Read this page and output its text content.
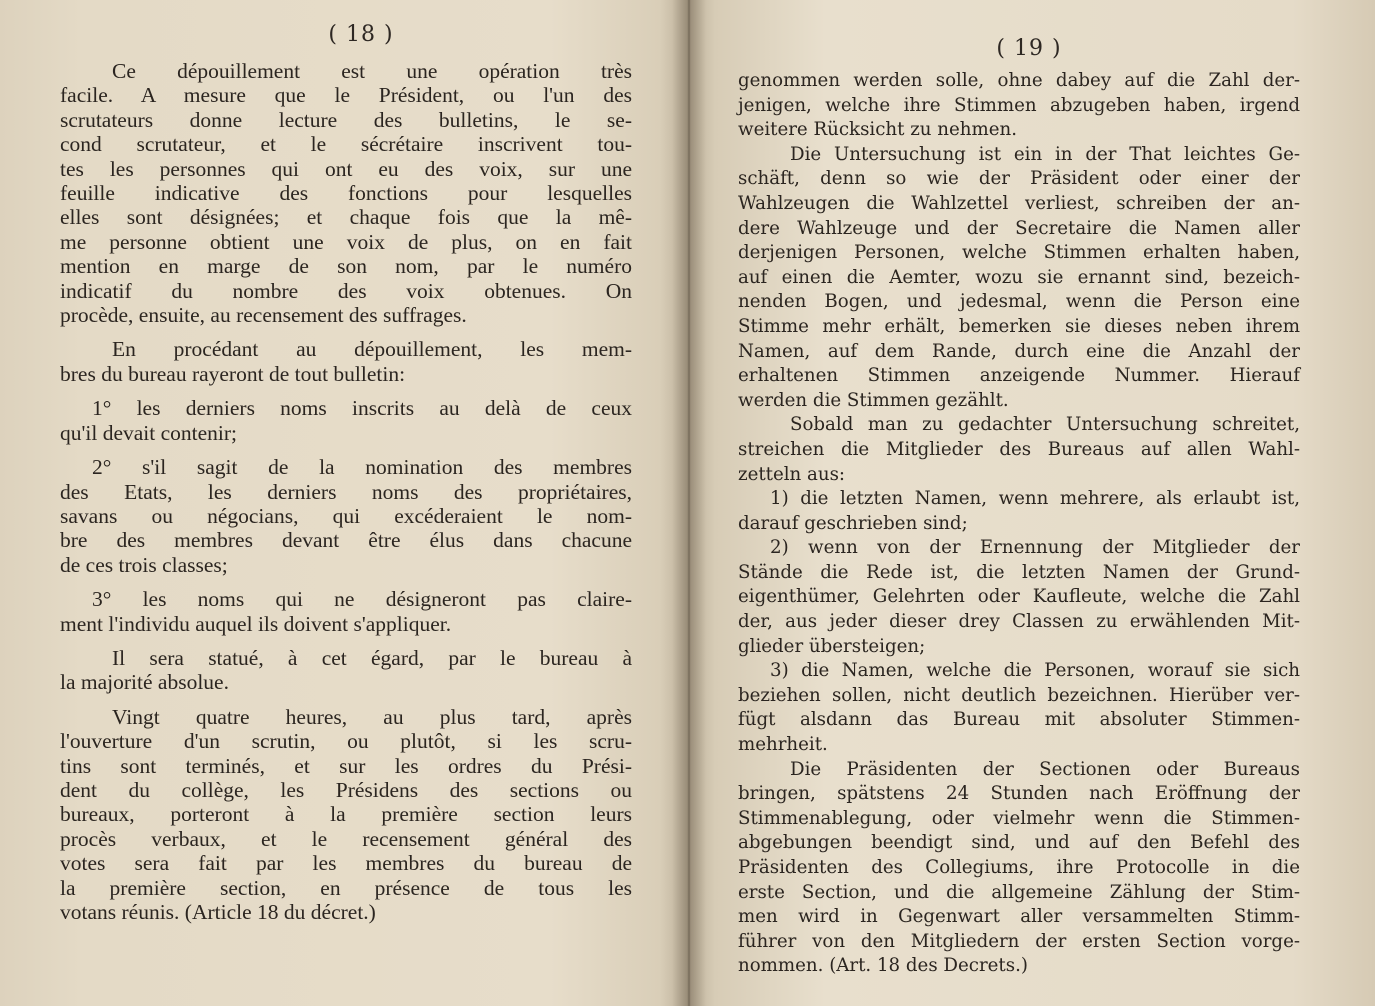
( 18 )
Ce dépouillement est une opération très
facile. A mesure que le Président, ou l'un des
scrutateurs donne lecture des bulletins, le se-
cond scrutateur, et le sécrétaire inscrivent tou-
tes les personnes qui ont eu des voix, sur une
feuille indicative des fonctions pour lesquelles
elles sont désignées; et chaque fois que la mê-
me personne obtient une voix de plus, on en fait
mention en marge de son nom, par le numéro
indicatif du nombre des voix obtenues. On
procède, ensuite, au recensement des suffrages.
En procédant au dépouillement, les mem-
bres du bureau rayeront de tout bulletin:
1° les derniers noms inscrits au delà de ceux
qu'il devait contenir;
2° s'il sagit de la nomination des membres
des Etats, les derniers noms des propriétaires,
savans ou négocians, qui excéderaient le nom-
bre des membres devant être élus dans chacune
de ces trois classes;
3° les noms qui ne désigneront pas claire-
ment l'individu auquel ils doivent s'appliquer.
Il sera statué, à cet égard, par le bureau à
la majorité absolue.
Vingt quatre heures, au plus tard, après
l'ouverture d'un scrutin, ou plutôt, si les scru-
tins sont terminés, et sur les ordres du Prési-
dent du collège, les Présidens des sections ou
bureaux, porteront à la première section leurs
procès verbaux, et le recensement général des
votes sera fait par les membres du bureau de
la première section, en présence de tous les
votans réunis. (Article 18 du décret.)
( 19 )
genommen werden solle, ohne dabey auf die Zahl der-
jenigen, welche ihre Stimmen abzugeben haben, irgend
weitere Rücksicht zu nehmen.
Die Untersuchung ist ein in der That leichtes Ge-
schäft, denn so wie der Präsident oder einer der
Wahlzeugen die Wahlzettel verliest, schreiben der an-
dere Wahlzeuge und der Secretaire die Namen aller
derjenigen Personen, welche Stimmen erhalten haben,
auf einen die Aemter, wozu sie ernannt sind, bezeich-
nenden Bogen, und jedesmal, wenn die Person eine
Stimme mehr erhält, bemerken sie dieses neben ihrem
Namen, auf dem Rande, durch eine die Anzahl der
erhaltenen Stimmen anzeigende Nummer. Hierauf
werden die Stimmen gezählt.
Sobald man zu gedachter Untersuchung schreitet,
streichen die Mitglieder des Bureaus auf allen Wahl-
zetteln aus:
1) die letzten Namen, wenn mehrere, als erlaubt ist,
darauf geschrieben sind;
2) wenn von der Ernennung der Mitglieder der
Stände die Rede ist, die letzten Namen der Grund-
eigenthümer, Gelehrten oder Kaufleute, welche die Zahl
der, aus jeder dieser drey Classen zu erwählenden Mit-
glieder übersteigen;
3) die Namen, welche die Personen, worauf sie sich
beziehen sollen, nicht deutlich bezeichnen. Hierüber ver-
fügt alsdann das Bureau mit absoluter Stimmen-
mehrheit.
Die Präsidenten der Sectionen oder Bureaus
bringen, spätstens 24 Stunden nach Eröffnung der
Stimmenablegung, oder vielmehr wenn die Stimmen-
abgebungen beendigt sind, und auf den Befehl des
Präsidenten des Collegiums, ihre Protocolle in die
erste Section, und die allgemeine Zählung der Stim-
men wird in Gegenwart aller versammelten Stimm-
führer von den Mitgliedern der ersten Section vorge-
nommen. (Art. 18 des Decrets.)
